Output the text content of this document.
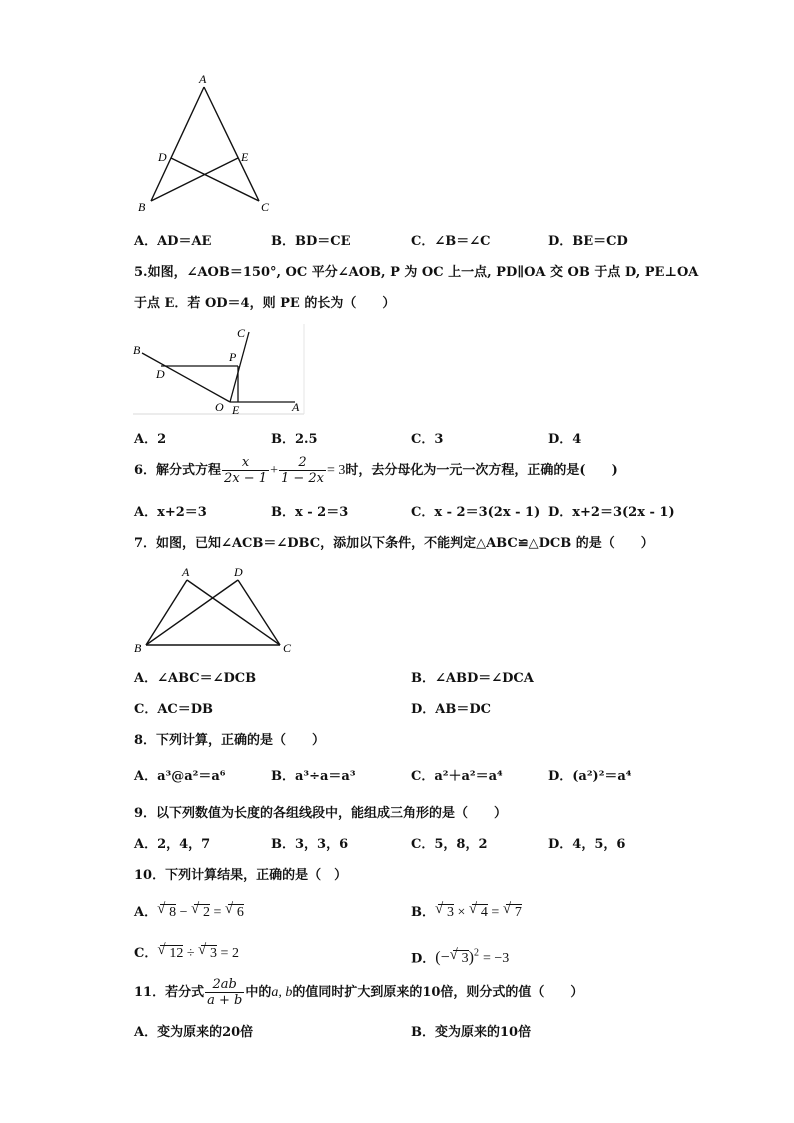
A
D	E
B	C
A．AD＝AE	B．BD＝CE	C．∠B＝∠C	D．BE＝CD
5.如图，∠AOB＝150°, OC 平分∠AOB, P 为 OC 上一点, PD∥OA 交 OB 于点 D, PE⊥OA
于点 E．若 OD＝4，则 PE 的长为（　　）
B
C
P
D
O E	A
A．2	B．2.5	C．3	D．4
6．解分式方程 $\frac{x}{2x - 1} + \frac{2}{1 - 2x} = 3$时，去分母化为一元一次方程，正确的是(　　)
A．x+2＝3	B．x - 2＝3	C．x - 2＝3(2x - 1) D．x+2＝3(2x - 1)
7．如图，已知∠ACB＝∠DBC，添加以下条件，不能判定△ABC≌△DCB 的是（　　）
A	D
B	C
A．∠ABC＝∠DCB	B．∠ABD＝∠DCA
C．AC＝DB	D．AB＝DC
8．下列计算，正确的是（　　）
A．a³@a²＝a⁶	B．a³÷a＝a³	C．a²＋a²＝a⁴	D．(a²)²＝a⁴
9．以下列数值为长度的各组线段中，能组成三角形的是（　　）
A．2，4，7	B．3，3，6	C．5，8，2	D．4，5，6
10．下列计算结果，正确的是（　）
A． √ 8 − √ 2 = √ 6	B． √ 3 × √ 4 = √ 7
C． √ 12 ÷ √ 3 = 2	D．(− √ 3)$^2$ = −3
11．若分式 $\frac{2ab}{a + b}$ 中的a, b的值同时扩大到原来的10倍，则分式的值（　　）
A．变为原来的20倍	B．变为原来的10倍
